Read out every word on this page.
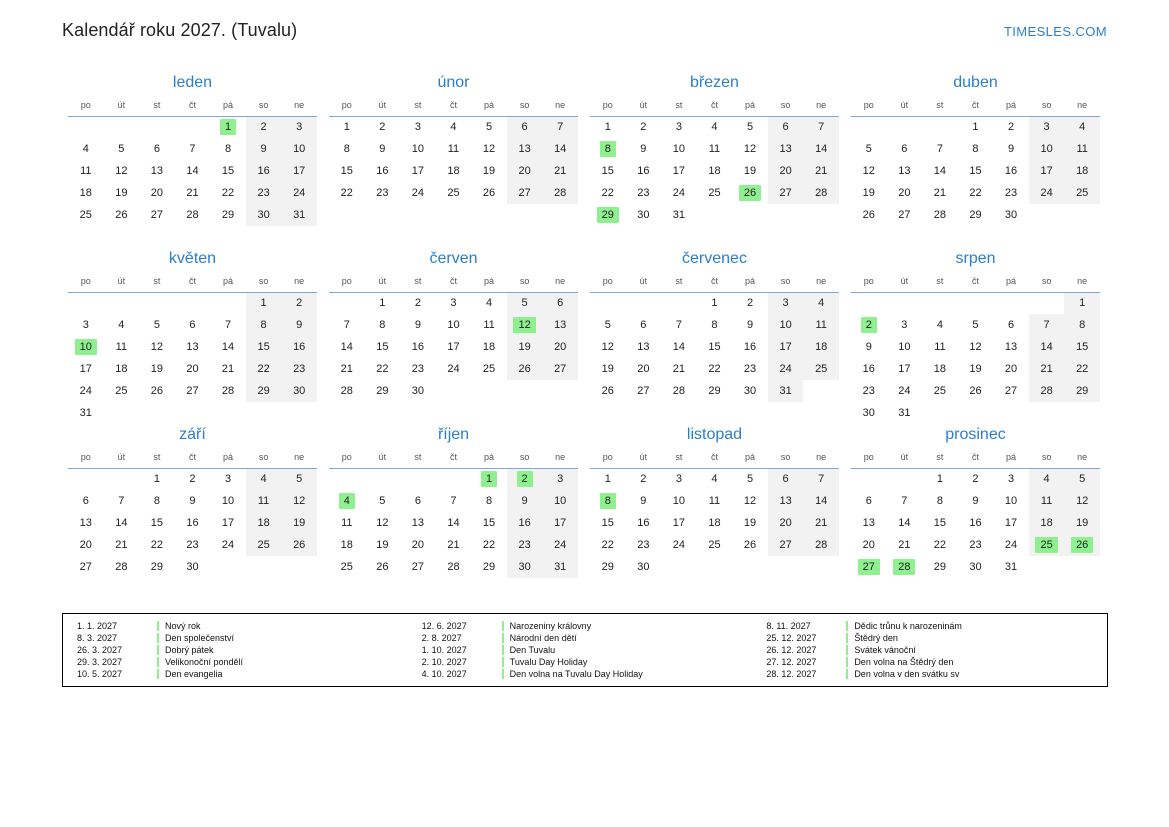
Kalendář roku 2027. (Tuvalu)	TIMESLES.COM
leden
po	út	st	čt	pá	so	ne
				1	2	3
4	5	6	7	8	9	10
11	12	13	14	15	16	17
18	19	20	21	22	23	24
25	26	27	28	29	30	31
únor
po	út	st	čt	pá	so	ne
1	2	3	4	5	6	7
8	9	10	11	12	13	14
15	16	17	18	19	20	21
22	23	24	25	26	27	28
březen
po	út	st	čt	pá	so	ne
1	2	3	4	5	6	7
8	9	10	11	12	13	14
15	16	17	18	19	20	21
22	23	24	25	26	27	28
29	30	31				
duben
po	út	st	čt	pá	so	ne
			1	2	3	4
5	6	7	8	9	10	11
12	13	14	15	16	17	18
19	20	21	22	23	24	25
26	27	28	29	30		
květen
po	út	st	čt	pá	so	ne
					1	2
3	4	5	6	7	8	9
10	11	12	13	14	15	16
17	18	19	20	21	22	23
24	25	26	27	28	29	30
31						
červen
po	út	st	čt	pá	so	ne
	1	2	3	4	5	6
7	8	9	10	11	12	13
14	15	16	17	18	19	20
21	22	23	24	25	26	27
28	29	30				
červenec
po	út	st	čt	pá	so	ne
			1	2	3	4
5	6	7	8	9	10	11
12	13	14	15	16	17	18
19	20	21	22	23	24	25
26	27	28	29	30	31	
srpen
po	út	st	čt	pá	so	ne
						1
2	3	4	5	6	7	8
9	10	11	12	13	14	15
16	17	18	19	20	21	22
23	24	25	26	27	28	29
30	31					
září
po	út	st	čt	pá	so	ne
		1	2	3	4	5
6	7	8	9	10	11	12
13	14	15	16	17	18	19
20	21	22	23	24	25	26
27	28	29	30			
říjen
po	út	st	čt	pá	so	ne
				1	2	3
4	5	6	7	8	9	10
11	12	13	14	15	16	17
18	19	20	21	22	23	24
25	26	27	28	29	30	31
listopad
po	út	st	čt	pá	so	ne
1	2	3	4	5	6	7
8	9	10	11	12	13	14
15	16	17	18	19	20	21
22	23	24	25	26	27	28
29	30					
prosinec
po	út	st	čt	pá	so	ne
		1	2	3	4	5
6	7	8	9	10	11	12
13	14	15	16	17	18	19
20	21	22	23	24	25	26
27	28	29	30	31		
1. 1. 2027	Nový rok
8. 3. 2027	Den společenství
26. 3. 2027	Dobrý pátek
29. 3. 2027	Velikonoční pondělí
10. 5. 2027	Den evangelia
12. 6. 2027	Narozeniny královny
2. 8. 2027	Národní den dětí
1. 10. 2027	Den Tuvalu
2. 10. 2027	Tuvalu Day Holiday
4. 10. 2027	Den volna na Tuvalu Day Holiday
8. 11. 2027	Dědic trůnu k narozeninám
25. 12. 2027	Štědrý den
26. 12. 2027	Svátek vánoční
27. 12. 2027	Den volna na Štědrý den
28. 12. 2027	Den volna v den svátku sv
